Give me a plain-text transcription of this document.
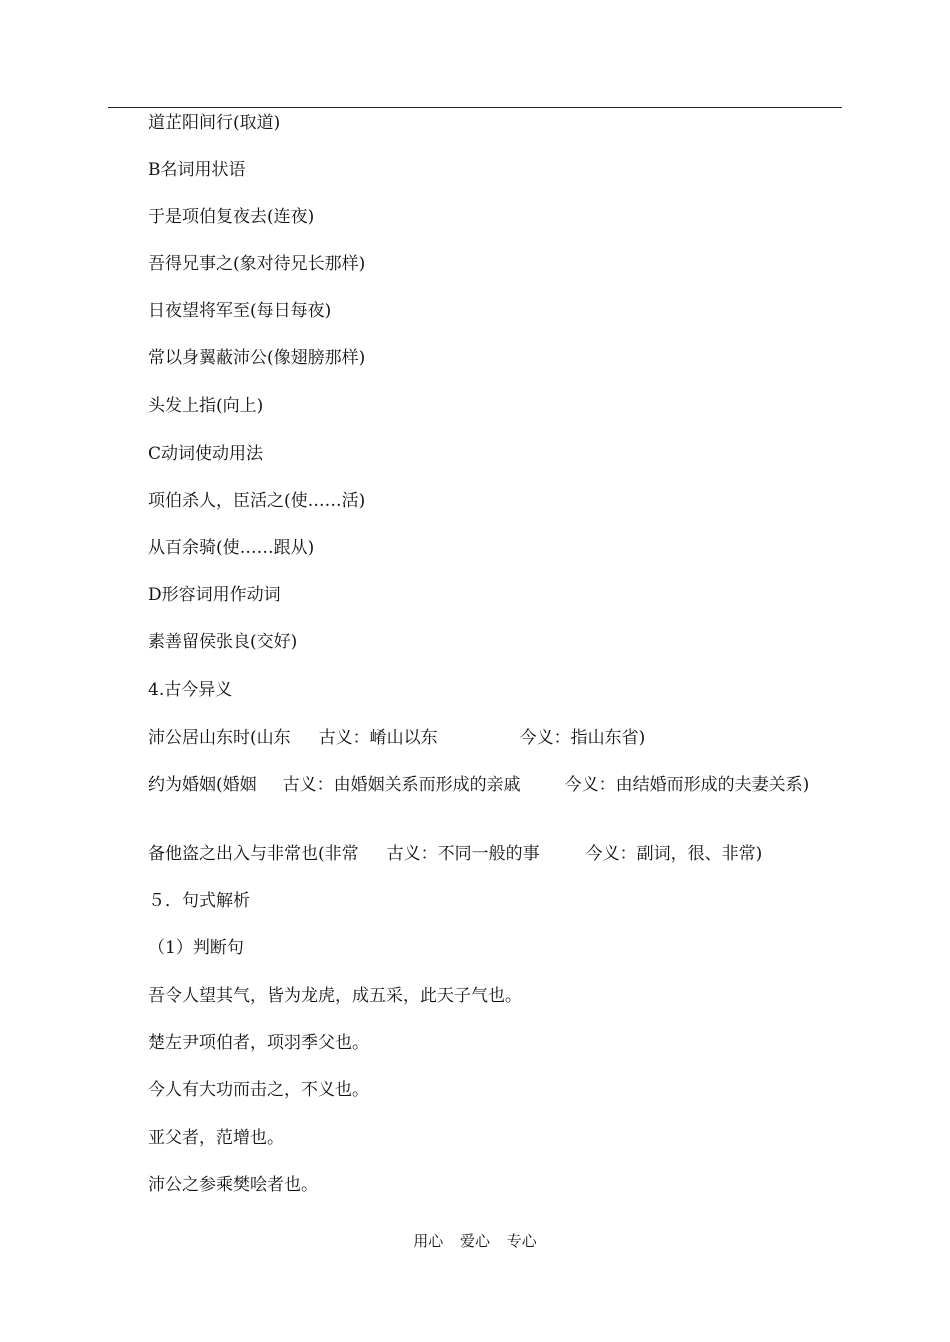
道芷阳间行(取道)
B名词用状语
于是项伯复夜去(连夜)
吾得兄事之(象对待兄长那样)
日夜望将军至(每日每夜)
常以身翼蔽沛公(像翅膀那样)
头发上指(向上)
C动词使动用法
项伯杀人，臣活之(使……活)
从百余骑(使……跟从)
D形容词用作动词
素善留侯张良(交好)
4.古今异义
沛公居山东时(山东 古义：崤山以东	今义：指山东省)
约为婚姻(婚姻 古义：由婚姻关系而形成的亲戚	今义：由结婚而形成的夫妻关系)
备他盗之出入与非常也(非常 古义：不同一般的事	今义：副词，很、非常)
５．句式解析
（1）判断句
吾令人望其气，皆为龙虎，成五采，此天子气也。
楚左尹项伯者，项羽季父也。
今人有大功而击之，不义也。
亚父者，范增也。
沛公之参乘樊哙者也。
用心 爱心 专心
